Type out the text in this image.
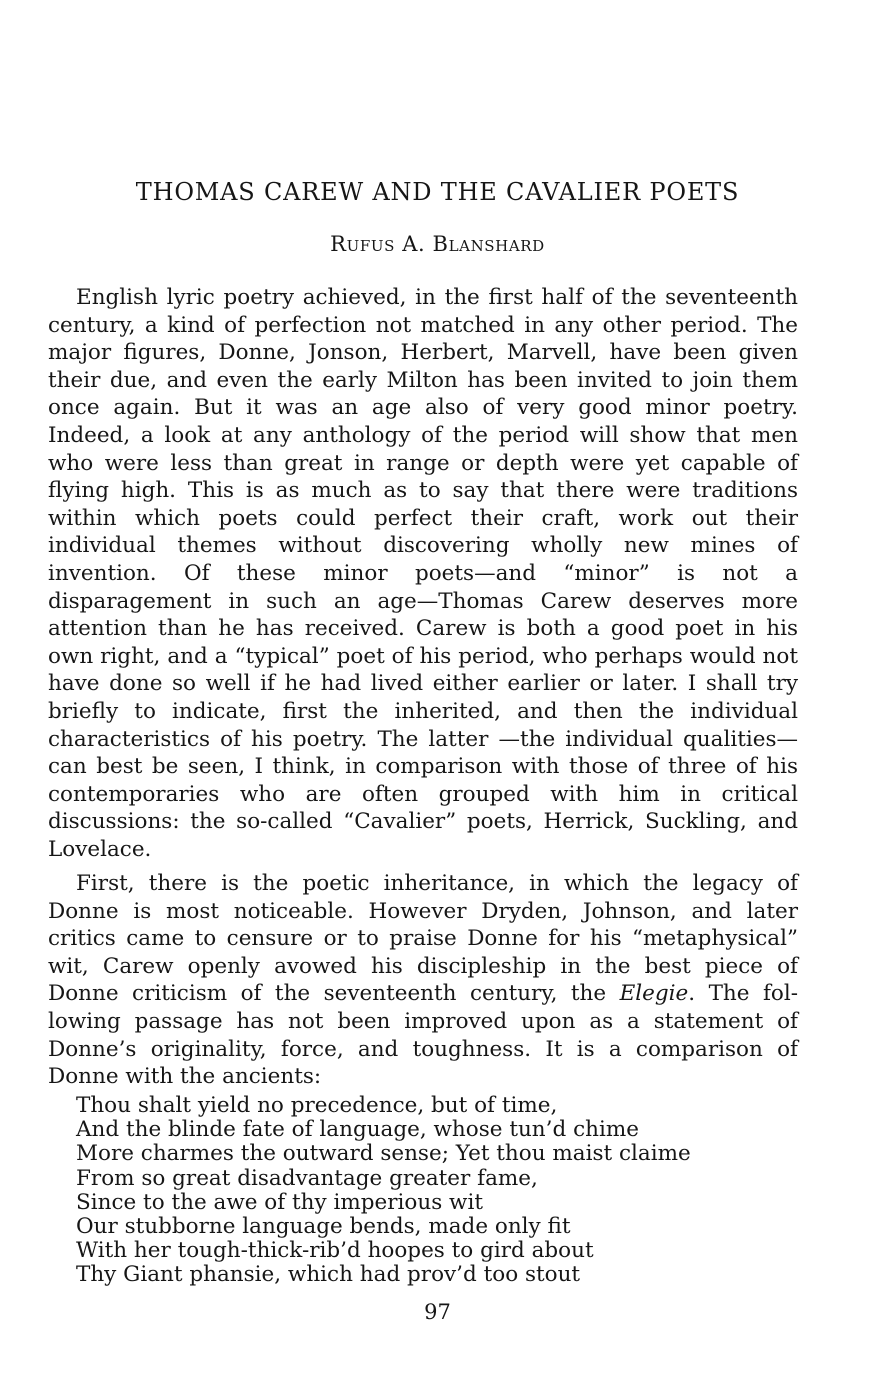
THOMAS CAREW AND THE CAVALIER POETS
Rufus A. Blanshard

English lyric poetry achieved, in the first half of the seventeenth century, a kind of perfection not matched in any other period. The major figures, Donne, Jonson, Herbert, Marvell, have been given their due, and even the early Milton has been invited to join them once again. But it was an age also of very good minor poetry. Indeed, a look at any anthology of the period will show that men who were less than great in range or depth were yet capable of flying high. This is as much as to say that there were traditions within which poets could perfect their craft, work out their individual themes without discovering wholly new mines of invention. Of these minor poets—and “minor” is not a disparagement in such an age—Thomas Carew deserves more attention than he has received. Carew is both a good poet in his own right, and a “typical” poet of his period, who perhaps would not have done so well if he had lived either earlier or later. I shall try briefly to indicate, first the inherited, and then the individual characteristics of his poetry. The latter —the individual qualities—can best be seen, I think, in comparison with those of three of his contemporaries who are often grouped with him in critical discussions: the so-called “Cavalier” poets, Herrick, Suckling, and Lovelace.

First, there is the poetic inheritance, in which the legacy of Donne is most noticeable. However Dryden, Johnson, and later critics came to censure or to praise Donne for his “metaphysical” wit, Carew openly avowed his discipleship in the best piece of Donne criticism of the seventeenth century, the Elegie. The following passage has not been improved upon as a statement of Donne’s originality, force, and toughness. It is a comparison of Donne with the ancients:

Thou shalt yield no precedence, but of time,
And the blinde fate of language, whose tun’d chime
More charmes the outward sense; Yet thou maist claime
From so great disadvantage greater fame,
Since to the awe of thy imperious wit
Our stubborne language bends, made only fit
With her tough-thick-rib’d hoopes to gird about
Thy Giant phansie, which had prov’d too stout
97
